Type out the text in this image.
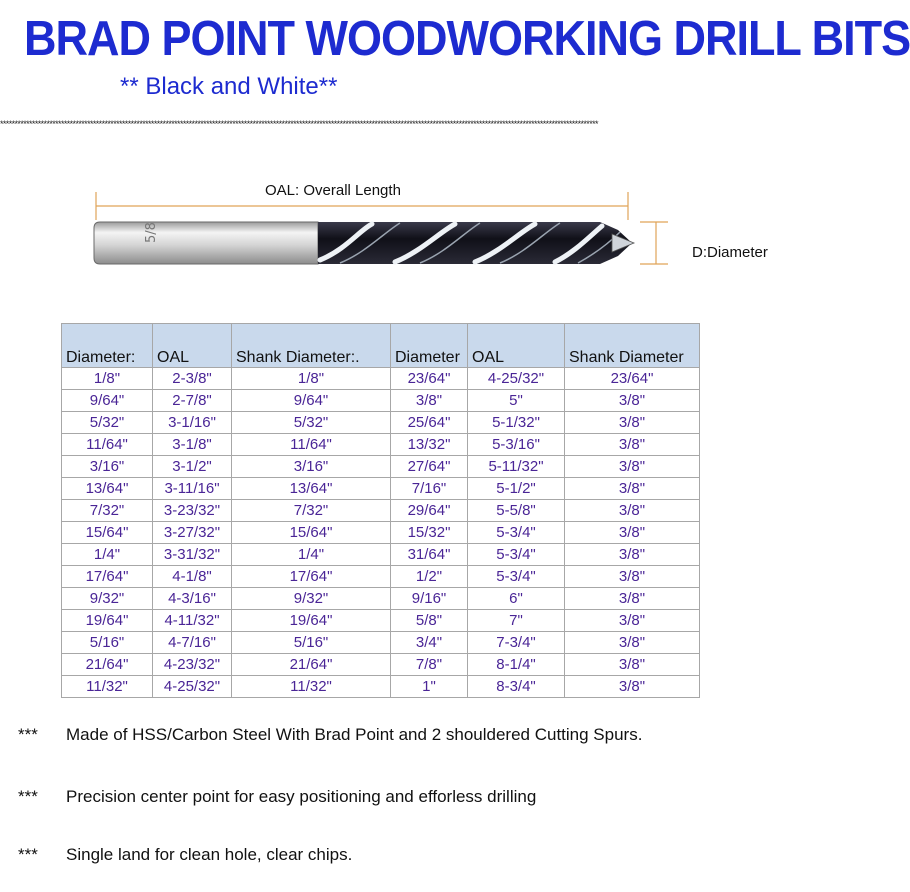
BRAD POINT WOODWORKING DRILL BITS
** Black and White**
**************************************************************************************************************************************************************************************************************
5/8
OAL: Overall Length
D:Diameter
Diameter:	OAL	Shank Diameter:.	Diameter	OAL	Shank Diameter
1/8"	2-3/8"	1/8"	23/64"	4-25/32"	23/64"
9/64"	2-7/8"	9/64"	3/8"	5"	3/8"
5/32"	3-1/16"	5/32"	25/64"	5-1/32"	3/8"
11/64"	3-1/8"	11/64"	13/32"	5-3/16"	3/8"
3/16"	3-1/2"	3/16"	27/64"	5-11/32"	3/8"
13/64"	3-11/16"	13/64"	7/16"	5-1/2"	3/8"
7/32"	3-23/32"	7/32"	29/64"	5-5/8"	3/8"
15/64"	3-27/32"	15/64"	15/32"	5-3/4"	3/8"
1/4"	3-31/32"	1/4"	31/64"	5-3/4"	3/8"
17/64"	4-1/8"	17/64"	1/2"	5-3/4"	3/8"
9/32"	4-3/16"	9/32"	9/16"	6"	3/8"
19/64"	4-11/32"	19/64"	5/8"	7"	3/8"
5/16"	4-7/16"	5/16"	3/4"	7-3/4"	3/8"
21/64"	4-23/32"	21/64"	7/8"	8-1/4"	3/8"
11/32"	4-25/32"	11/32"	1"	8-3/4"	3/8"
*** Made of HSS/Carbon Steel With Brad Point and 2 shouldered Cutting Spurs.
*** Precision center point for easy positioning and efforless drilling
*** Single land for clean hole, clear chips.
